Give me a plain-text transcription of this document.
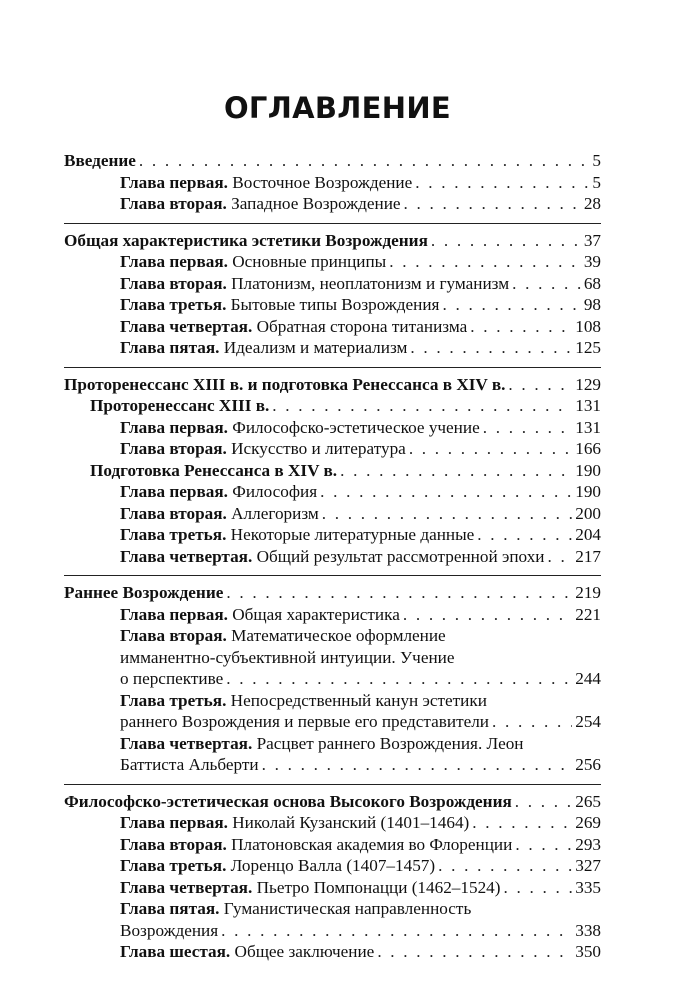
ОГЛАВЛЕНИЕ
Введение . . .	5
Глава первая. Восточное Возрождение . . .	5
Глава вторая. Западное Возрождение . . .	28
Общая характеристика эстетики Возрождения . . .	37
Глава первая. Основные принципы . . .	39
Глава вторая. Платонизм, неоплатонизм и гуманизм . . .	68
Глава третья. Бытовые типы Возрождения . . .	98
Глава четвертая. Обратная сторона титанизма . . .	108
Глава пятая. Идеализм и материализм . . .	125
Проторенессанс XIII в. и подготовка Ренессанса в XIV в. . . .	129
Проторенессанс XIII в. . . .	131
Глава первая. Философско-эстетическое учение . . .	131
Глава вторая. Искусство и литература . . .	166
Подготовка Ренессанса в XIV в. . . .	190
Глава первая. Философия . . .	190
Глава вторая. Аллегоризм . . .	200
Глава третья. Некоторые литературные данные . . .	204
Глава четвертая. Общий результат рассмотренной эпохи . . . 217
Раннее Возрождение . . .	219
Глава первая. Общая характеристика . . .	221
Глава вторая. Математическое оформление
имманентно-субъективной интуиции. Учение
о перспективе . . .	244
Глава третья. Непосредственный канун эстетики
раннего Возрождения и первые его представители . . .	254
Глава четвертая. Расцвет раннего Возрождения. Леон
Баттиста Альберти . . .	256
Философско-эстетическая основа Высокого Возрождения . . .	265
Глава первая. Николай Кузанский (1401–1464) . . .	269
Глава вторая. Платоновская академия во Флоренции . . .	293
Глава третья. Лоренцо Валла (1407–1457) . . .	327
Глава четвертая. Пьетро Помпонацци (1462–1524) . . .	335
Глава пятая. Гуманистическая направленность
Возрождения . . .	338
Глава шестая. Общее заключение . . .	350
